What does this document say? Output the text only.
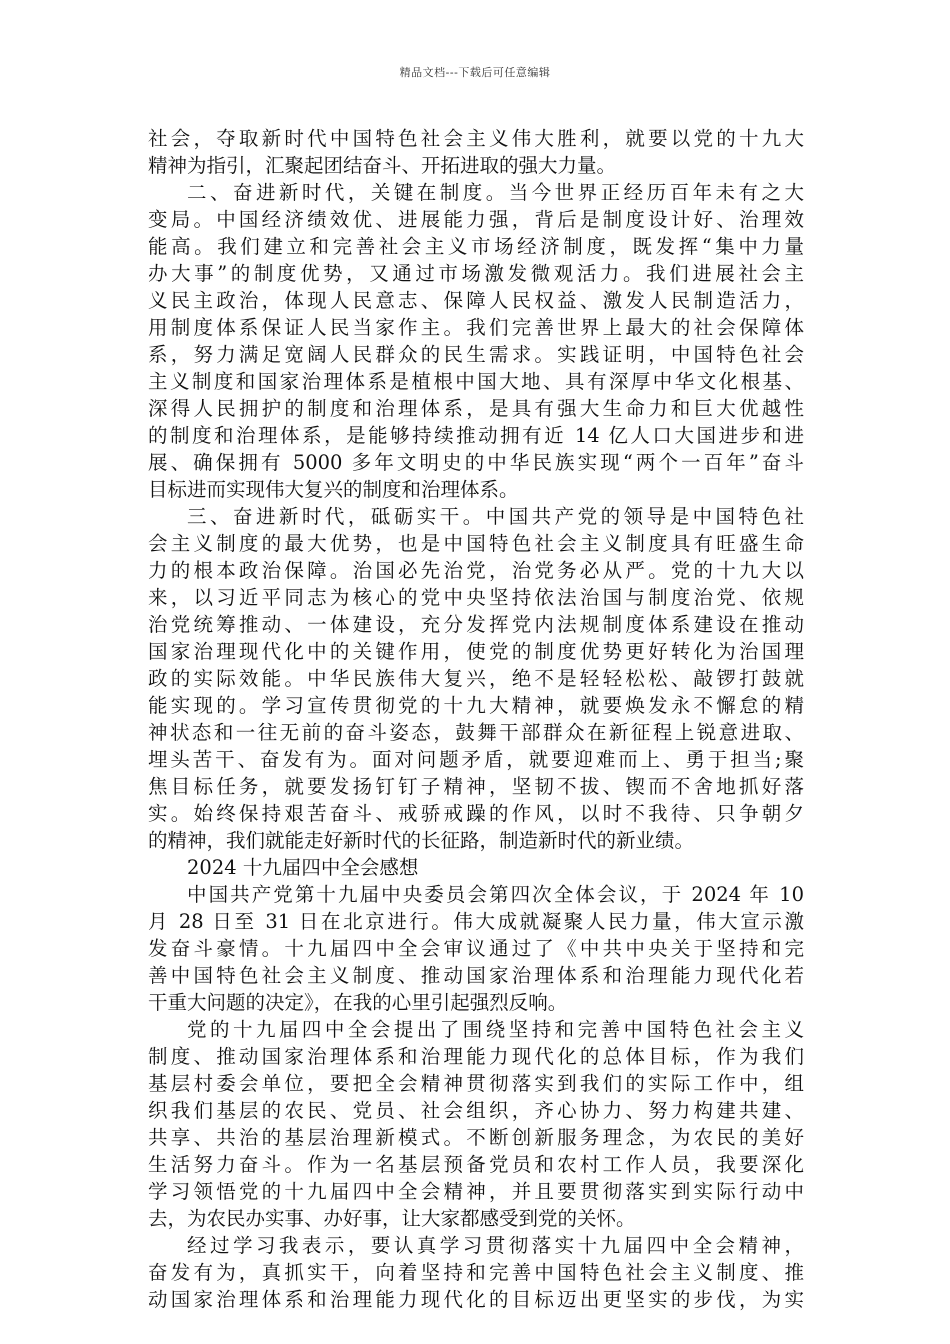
精品文档---下载后可任意编辑
社会，夺取新时代中国特色社会主义伟大胜利，就要以党的十九大
精神为指引，汇聚起团结奋斗、开拓进取的强大力量。
二、奋进新时代，关键在制度。当今世界正经历百年未有之大
变局。中国经济绩效优、进展能力强，背后是制度设计好、治理效
能高。我们建立和完善社会主义市场经济制度，既发挥“集中力量
办大事”的制度优势，又通过市场激发微观活力。我们进展社会主
义民主政治，体现人民意志、保障人民权益、激发人民制造活力，
用制度体系保证人民当家作主。我们完善世界上最大的社会保障体
系，努力满足宽阔人民群众的民生需求。实践证明，中国特色社会
主义制度和国家治理体系是植根中国大地、具有深厚中华文化根基、
深得人民拥护的制度和治理体系，是具有强大生命力和巨大优越性
的制度和治理体系，是能够持续推动拥有近 14 亿人口大国进步和进
展、确保拥有 5000 多年文明史的中华民族实现“两个一百年”奋斗
目标进而实现伟大复兴的制度和治理体系。
三、奋进新时代，砥砺实干。中国共产党的领导是中国特色社
会主义制度的最大优势，也是中国特色社会主义制度具有旺盛生命
力的根本政治保障。治国必先治党，治党务必从严。党的十九大以
来，以习近平同志为核心的党中央坚持依法治国与制度治党、依规
治党统筹推动、一体建设，充分发挥党内法规制度体系建设在推动
国家治理现代化中的关键作用，使党的制度优势更好转化为治国理
政的实际效能。中华民族伟大复兴，绝不是轻轻松松、敲锣打鼓就
能实现的。学习宣传贯彻党的十九大精神，就要焕发永不懈怠的精
神状态和一往无前的奋斗姿态，鼓舞干部群众在新征程上锐意进取、
埋头苦干、奋发有为。面对问题矛盾，就要迎难而上、勇于担当;聚
焦目标任务，就要发扬钉钉子精神，坚韧不拔、锲而不舍地抓好落
实。始终保持艰苦奋斗、戒骄戒躁的作风，以时不我待、只争朝夕
的精神，我们就能走好新时代的长征路，制造新时代的新业绩。
2024 十九届四中全会感想
中国共产党第十九届中央委员会第四次全体会议，于 2024 年 10
月 28 日至 31 日在北京进行。伟大成就凝聚人民力量，伟大宣示激
发奋斗豪情。十九届四中全会审议通过了《中共中央关于坚持和完
善中国特色社会主义制度、推动国家治理体系和治理能力现代化若
干重大问题的决定》，在我的心里引起强烈反响。
党的十九届四中全会提出了围绕坚持和完善中国特色社会主义
制度、推动国家治理体系和治理能力现代化的总体目标，作为我们
基层村委会单位，要把全会精神贯彻落实到我们的实际工作中，组
织我们基层的农民、党员、社会组织，齐心协力、努力构建共建、
共享、共治的基层治理新模式。不断创新服务理念，为农民的美好
生活努力奋斗。作为一名基层预备党员和农村工作人员，我要深化
学习领悟党的十九届四中全会精神，并且要贯彻落实到实际行动中
去，为农民办实事、办好事，让大家都感受到党的关怀。
经过学习我表示，要认真学习贯彻落实十九届四中全会精神，
奋发有为，真抓实干，向着坚持和完善中国特色社会主义制度、推
动国家治理体系和治理能力现代化的目标迈出更坚实的步伐，为实
